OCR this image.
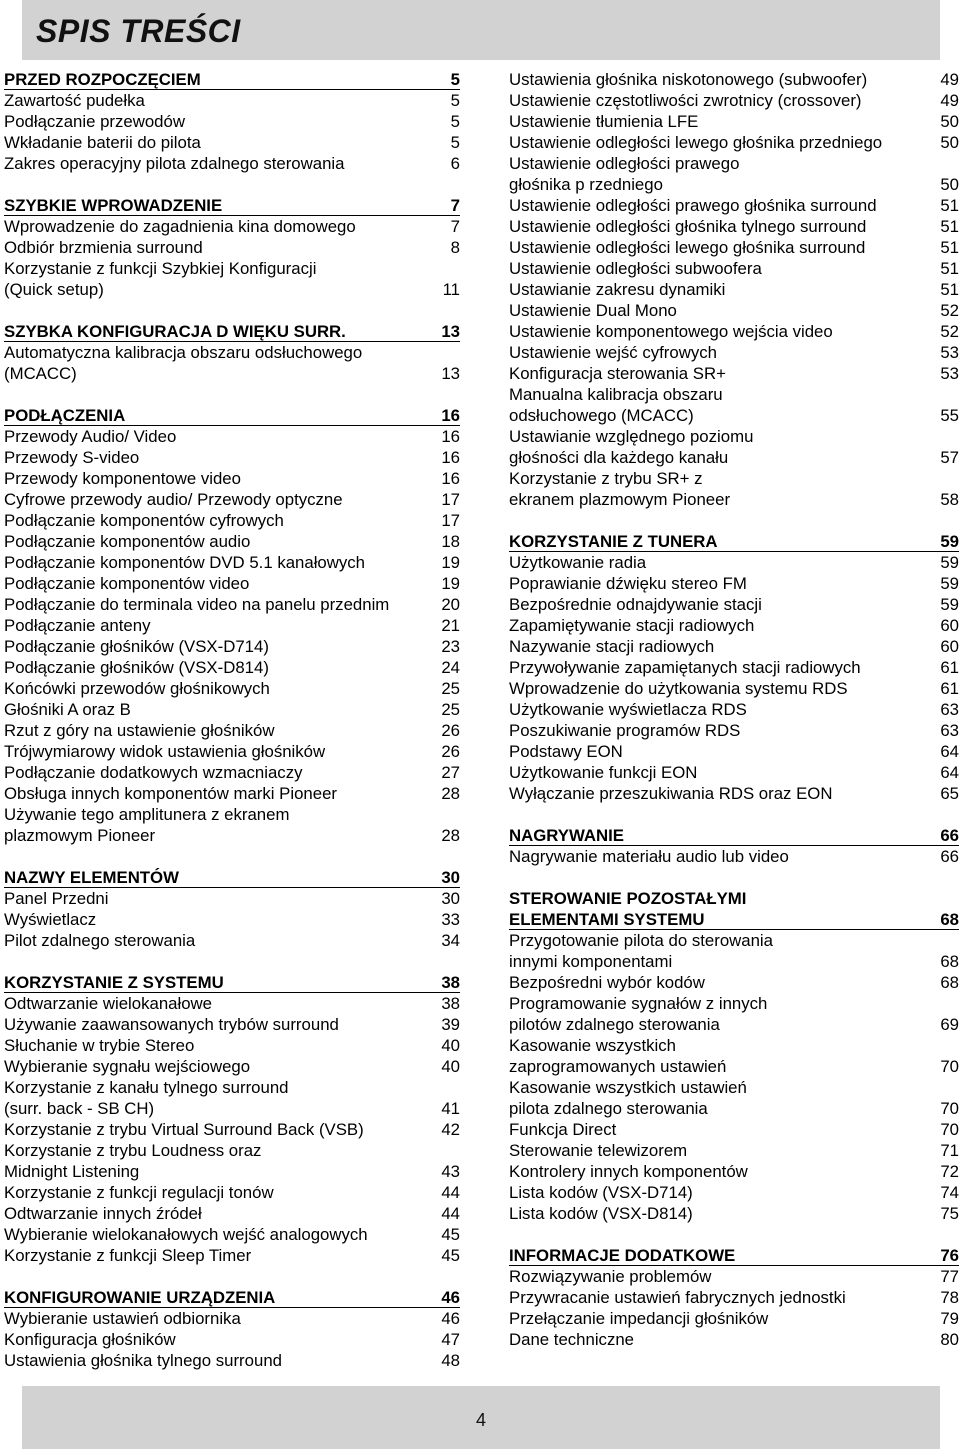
SPIS TREŚCI
PRZED ROZPOCZĘCIEM	5
Zawartość pudełka	5
Podłączanie przewodów	5
Wkładanie baterii do pilota	5
Zakres operacyjny pilota zdalnego sterowania	6
SZYBKIE WPROWADZENIE	7
Wprowadzenie do zagadnienia kina domowego	7
Odbiór brzmienia surround	8
Korzystanie z funkcji Szybkiej Konfiguracji
(Quick setup)	11
SZYBKA KONFIGURACJA D WIĘKU SURR.	13
Automatyczna kalibracja obszaru odsłuchowego
(MCACC)	13
PODŁĄCZENIA	16
Przewody Audio/ Video	16
Przewody S-video	16
Przewody komponentowe video	16
Cyfrowe przewody audio/ Przewody optyczne	17
Podłączanie komponentów cyfrowych	17
Podłączanie komponentów audio	18
Podłączanie komponentów DVD 5.1 kanałowych	19
Podłączanie komponentów video	19
Podłączanie do terminala video na panelu przednim	20
Podłączanie anteny	21
Podłączanie głośników (VSX-D714)	23
Podłączanie głośników (VSX-D814)	24
Końcówki przewodów głośnikowych	25
Głośniki A oraz B	25
Rzut z góry na ustawienie głośników	26
Trójwymiarowy widok ustawienia głośników	26
Podłączanie dodatkowych wzmacniaczy	27
Obsługa innych komponentów marki Pioneer	28
Używanie tego amplitunera z ekranem
plazmowym Pioneer	28
NAZWY ELEMENTÓW	30
Panel Przedni	30
Wyświetlacz	33
Pilot zdalnego sterowania	34
KORZYSTANIE Z SYSTEMU	38
Odtwarzanie wielokanałowe	38
Używanie zaawansowanych trybów surround	39
Słuchanie w trybie Stereo	40
Wybieranie sygnału wejściowego	40
Korzystanie z kanału tylnego surround
(surr. back - SB CH)	41
Korzystanie z trybu Virtual Surround Back (VSB)	42
Korzystanie z trybu Loudness oraz
Midnight Listening	43
Korzystanie z funkcji regulacji tonów	44
Odtwarzanie innych źródeł	44
Wybieranie wielokanałowych wejść analogowych	45
Korzystanie z funkcji Sleep Timer	45
KONFIGUROWANIE URZĄDZENIA	46
Wybieranie ustawień odbiornika	46
Konfiguracja głośników	47
Ustawienia głośnika tylnego surround	48
Ustawienia głośnika niskotonowego (subwoofer)	49
Ustawienie częstotliwości zwrotnicy (crossover)	49
Ustawienie tłumienia LFE	50
Ustawienie odległości lewego głośnika przedniego	50
Ustawienie odległości prawego
głośnika p rzedniego	50
Ustawienie odległości prawego głośnika surround	51
Ustawienie odległości głośnika tylnego surround	51
Ustawienie odległości lewego głośnika surround	51
Ustawienie odległości subwoofera	51
Ustawianie zakresu dynamiki	51
Ustawienie Dual Mono	52
Ustawienie komponentowego wejścia video	52
Ustawienie wejść cyfrowych	53
Konfiguracja sterowania SR+	53
Manualna kalibracja obszaru
odsłuchowego (MCACC)	55
Ustawianie względnego poziomu
głośności dla każdego kanału	57
Korzystanie z trybu SR+ z
ekranem plazmowym Pioneer	58
KORZYSTANIE Z TUNERA	59
Użytkowanie radia	59
Poprawianie dźwięku stereo FM	59
Bezpośrednie odnajdywanie stacji	59
Zapamiętywanie stacji radiowych	60
Nazywanie stacji radiowych	60
Przywoływanie zapamiętanych stacji radiowych	61
Wprowadzenie do użytkowania systemu RDS	61
Użytkowanie wyświetlacza RDS	63
Poszukiwanie programów RDS	63
Podstawy EON	64
Użytkowanie funkcji EON	64
Wyłączanie przeszukiwania RDS oraz EON	65
NAGRYWANIE	66
Nagrywanie materiału audio lub video	66
STEROWANIE POZOSTAŁYMI
ELEMENTAMI SYSTEMU	68
Przygotowanie pilota do sterowania
innymi komponentami	68
Bezpośredni wybór kodów	68
Programowanie sygnałów z innych
pilotów zdalnego sterowania	69
Kasowanie wszystkich
zaprogramowanych ustawień	70
Kasowanie wszystkich ustawień
pilota zdalnego sterowania	70
Funkcja Direct	70
Sterowanie telewizorem	71
Kontrolery innych komponentów	72
Lista kodów (VSX-D714)	74
Lista kodów (VSX-D814)	75
INFORMACJE DODATKOWE	76
Rozwiązywanie problemów	77
Przywracanie ustawień fabrycznych jednostki	78
Przełączanie impedancji głośników	79
Dane techniczne	80
4
